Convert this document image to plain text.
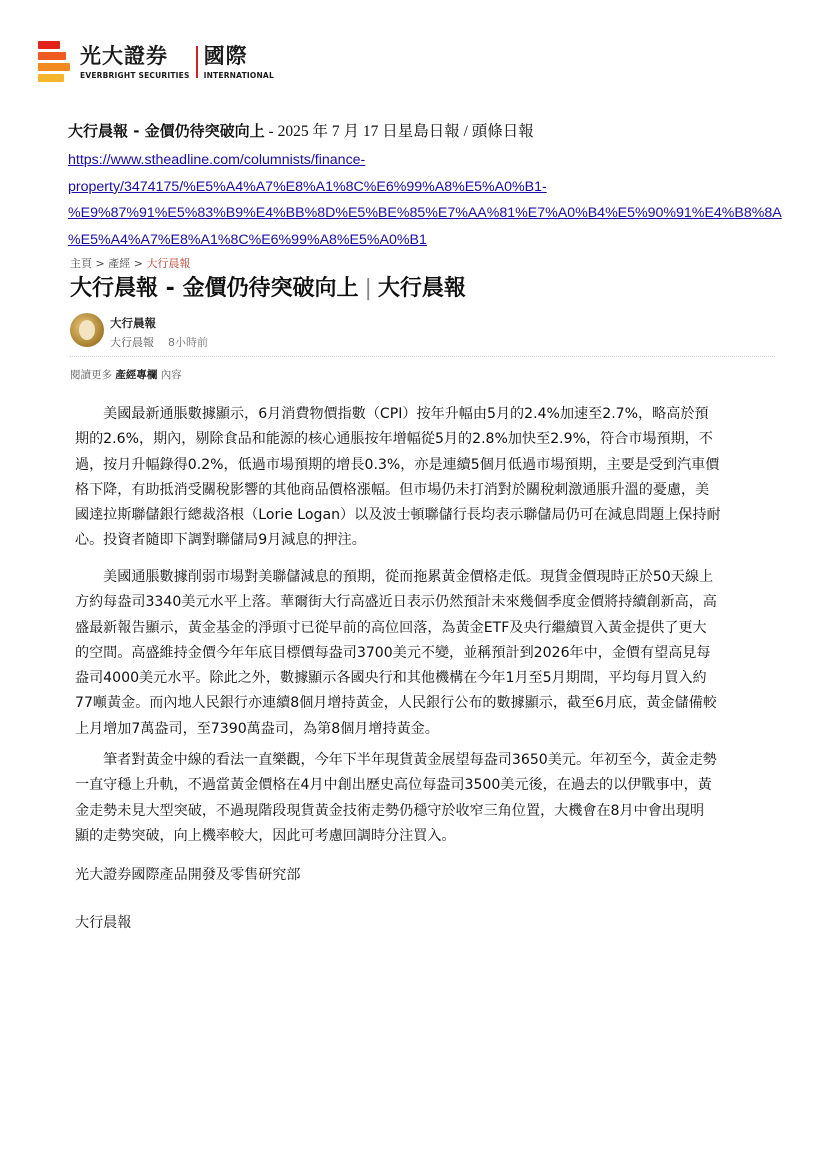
光大證券
EVERBRIGHT SECURITIES
國際
INTERNATIONAL
大行晨報 - 金價仍待突破向上 - 2025 年 7 月 17 日星島日報 / 頭條日報
https://www.stheadline.com/columnists/finance-
property/3474175/%E5%A4%A7%E8%A1%8C%E6%99%A8%E5%A0%B1-
%E9%87%91%E5%83%B9%E4%BB%8D%E5%BE%85%E7%AA%81%E7%A0%B4%E5%90%91%E4%B8%8A
%E5%A4%A7%E8%A1%8C%E6%99%A8%E5%A0%B1
主頁 > 產經 > 大行晨報
大行晨報 - 金價仍待突破向上 | 大行晨報
大行晨報
大行晨報 8小時前
閱讀更多 產經專欄 內容
　　美國最新通脹數據顯示，6月消費物價指數（CPI）按年升幅由5月的2.4%加速至2.7%，略高於預
期的2.6%，期內，剔除食品和能源的核心通脹按年增幅從5月的2.8%加快至2.9%，符合市場預期，不
過，按月升幅錄得0.2%，低過市場預期的增長0.3%，亦是連續5個月低過市場預期，主要是受到汽車價
格下降，有助抵消受關稅影響的其他商品價格漲幅。但市場仍未打消對於關稅刺激通脹升溫的憂慮，美
國達拉斯聯儲銀行總裁洛根（Lorie Logan）以及波士頓聯儲行長均表示聯儲局仍可在減息問題上保持耐
心。投資者隨即下調對聯儲局9月減息的押注。
　　美國通脹數據削弱市場對美聯儲減息的預期，從而拖累黃金價格走低。現貨金價現時正於50天線上
方約每盎司3340美元水平上落。華爾街大行高盛近日表示仍然預計未來幾個季度金價將持續創新高，高
盛最新報告顯示，黃金基金的淨頭寸已從早前的高位回落，為黃金ETF及央行繼續買入黃金提供了更大
的空間。高盛維持金價今年年底目標價每盎司3700美元不變，並稱預計到2026年中，金價有望高見每
盎司4000美元水平。除此之外，數據顯示各國央行和其他機構在今年1月至5月期間，平均每月買入約
77噸黃金。而內地人民銀行亦連續8個月增持黃金，人民銀行公布的數據顯示，截至6月底，黃金儲備較
上月增加7萬盎司，至7390萬盎司，為第8個月增持黃金。
　　筆者對黃金中線的看法一直樂觀，今年下半年現貨黃金展望每盎司3650美元。年初至今，黃金走勢
一直守穩上升軌，不過當黃金價格在4月中創出歷史高位每盎司3500美元後，在過去的以伊戰事中，黃
金走勢未見大型突破，不過現階段現貨黃金技術走勢仍穩守於收窄三角位置，大機會在8月中會出現明
顯的走勢突破，向上機率較大，因此可考慮回調時分注買入。
光大證券國際產品開發及零售研究部
大行晨報
